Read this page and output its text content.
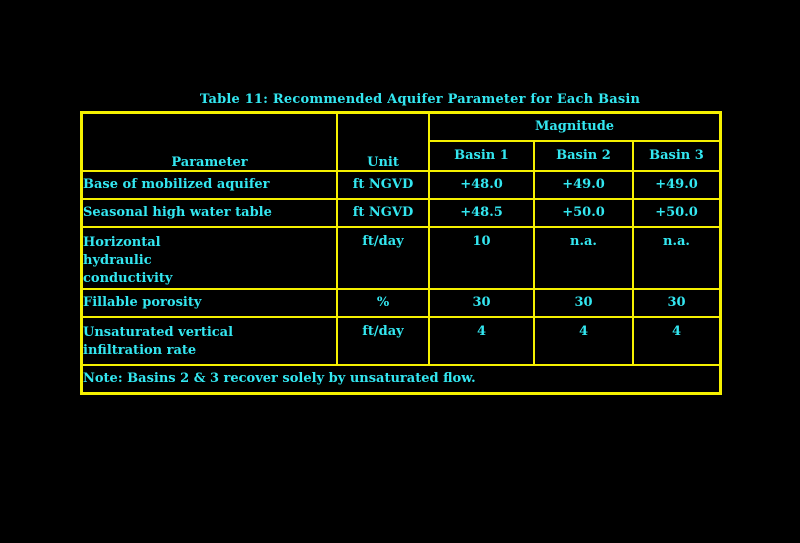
Table 11: Recommended Aquifer Parameter for Each Basin
Parameter	Unit	Magnitude		
		Basin 1	Basin 2	Basin 3
Base of mobilized aquifer	ft NGVD	+48.0	+49.0	+49.0
Seasonal high water table	ft NGVD	+48.5	+50.0	+50.0
Horizontal hydraulic conductivity	ft/day	10	n.a.	n.a.
Fillable porosity	%	30	30	30
Unsaturated vertical infiltration rate	ft/day	4	4	4
Note: Basins 2 & 3 recover solely by unsaturated flow.				
